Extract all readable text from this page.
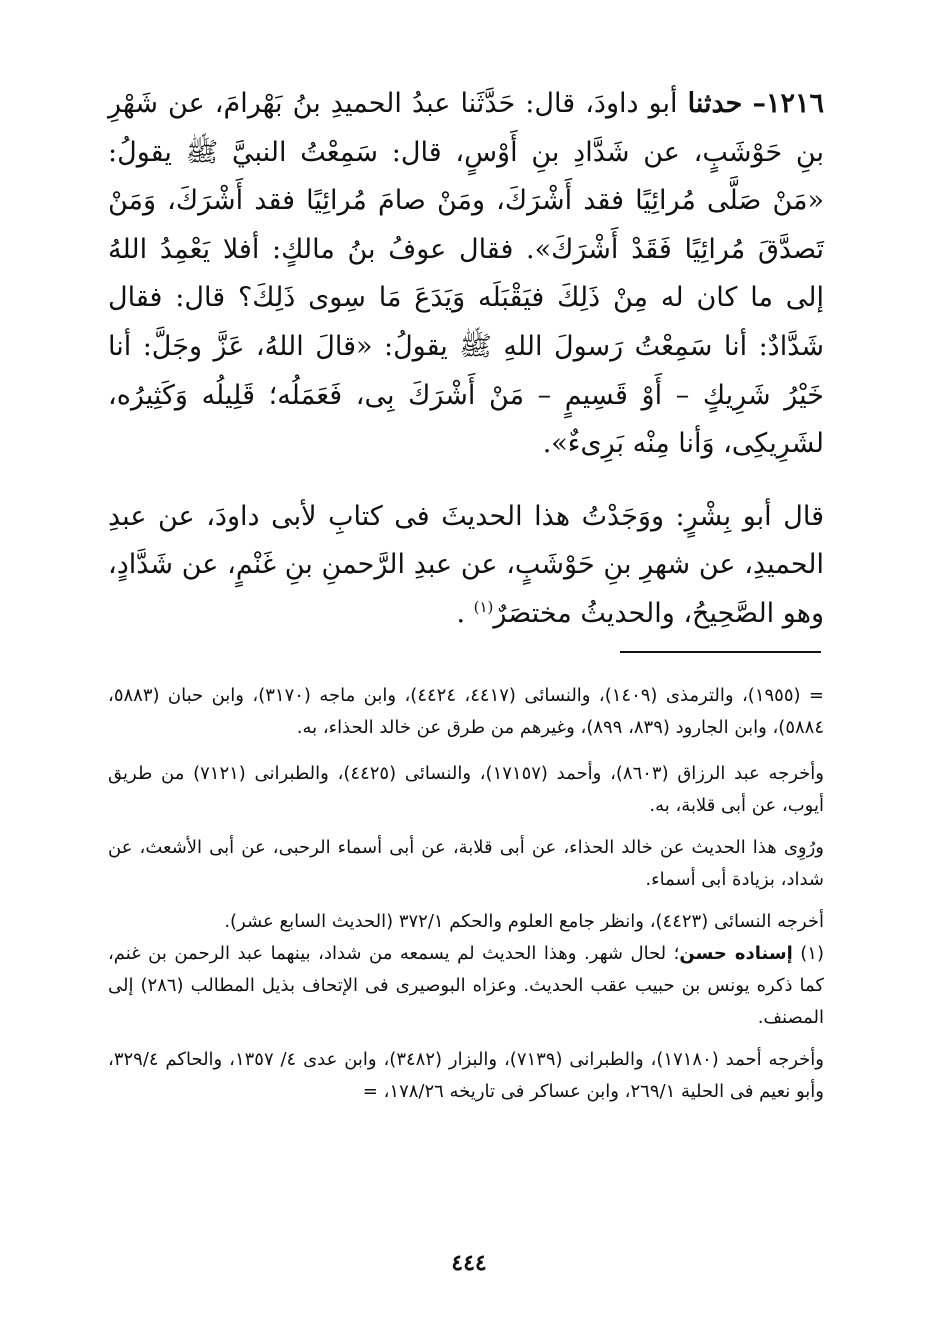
١٢١٦– حدثنا أبو داودَ، قال: حَدَّثَنا عبدُ الحميدِ بنُ بَهْرامَ، عن شَهْرِ بنِ حَوْشَبٍ، عن شَدَّادِ بنِ أَوْسٍ، قال: سَمِعْتُ النبيَّ ﷺ يقولُ: «مَنْ صَلَّى مُرائِيًا فقد أَشْرَكَ، ومَنْ صامَ مُرائِيًا فقد أَشْرَكَ، وَمَنْ تَصدَّقَ مُرائِيًا فَقَدْ أَشْرَكَ». فقال عوفُ بنُ مالكٍ: أفلا يَعْمِدُ اللهُ إلى ما كان له مِنْ ذَلِكَ فيَقْبَلَه وَيَدَعَ مَا سِوى ذَلِكَ؟ قال: فقال شَدَّادٌ: أنا سَمِعْتُ رَسولَ اللهِ ﷺ يقولُ: «قالَ اللهُ، عَزَّ وجَلَّ: أنا خَيْرُ شَرِيكٍ – أَوْ قَسِيمٍ – مَنْ أَشْرَكَ بِى، فَعَمَلُه؛ قَلِيلُه وَكَثِيرُه، لشَرِيكِى، وَأنا مِنْه بَرِىءٌ».

قال أبو بِشْرٍ: ووَجَدْتُ هذا الحديثَ فى كتابِ لأبى داودَ، عن عبدِ الحميدِ، عن شهرِ بنِ حَوْشَبٍ، عن عبدِ الرَّحمنِ بنِ غَنْمٍ، عن شَدَّادٍ، وهو الصَّحِيحُ، والحديثُ مختصَرٌ$^{(١)}$ .

= (١٩٥٥)، والترمذى (١٤٠٩)، والنسائى (٤٤١٧، ٤٤٢٤)، وابن ماجه (٣١٧٠)، وابن حبان (٥٨٨٣، ٥٨٨٤)، وابن الجارود (٨٣٩، ٨٩٩)، وغيرهم من طرق عن خالد الحذاء، به.

وأخرجه عبد الرزاق (٨٦٠٣)، وأحمد (١٧١٥٧)، والنسائى (٤٤٢٥)، والطبرانى (٧١٢١) من طريق أيوب، عن أبى قلابة، به.

ورُوِى هذا الحديث عن خالد الحذاء، عن أبى قلابة، عن أبى أسماء الرحبى، عن أبى الأشعث، عن شداد، بزيادة أبى أسماء.

أخرجه النسائى (٤٤٢٣)، وانظر جامع العلوم والحكم ٣٧٢/١ (الحديث السابع عشر).
(١) إسناده حسن؛ لحال شهر. وهذا الحديث لم يسمعه من شداد، بينهما عبد الرحمن بن غنم، كما ذكره يونس بن حبيب عقب الحديث. وعزاه البوصيرى فى الإتحاف بذيل المطالب (٢٨٦) إلى المصنف.

وأخرجه أحمد (١٧١٨٠)، والطبرانى (٧١٣٩)، والبزار (٣٤٨٢)، وابن عدى ٤/ ١٣٥٧، والحاكم ٣٢٩/٤، وأبو نعيم فى الحلية ٢٦٩/١، وابن عساكر فى تاريخه ١٧٨/٢٦، =

٤٤٤
